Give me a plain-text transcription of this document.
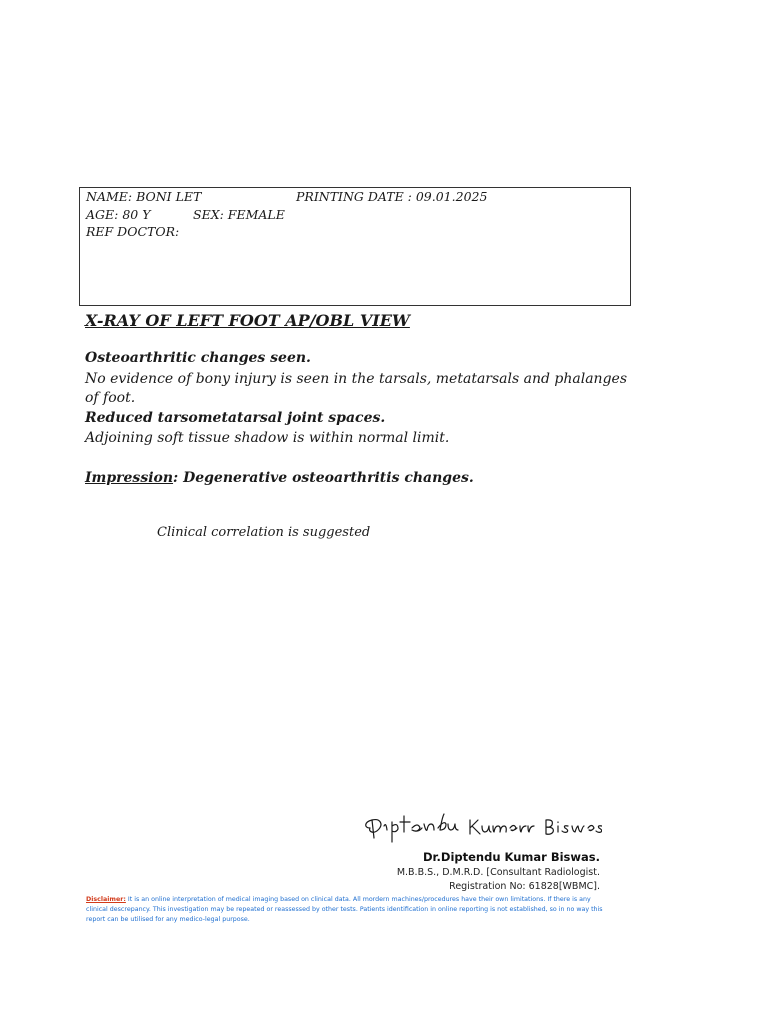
NAME: BONI LET	PRINTING DATE : 09.01.2025
AGE: 80 Y	SEX: FEMALE
REF DOCTOR:
X-RAY OF LEFT FOOT AP/OBL VIEW
Osteoarthritic changes seen.
No evidence of bony injury is seen in the tarsals, metatarsals and phalanges
of foot.
Reduced tarsometatarsal joint spaces.
Adjoining soft tissue shadow is within normal limit.
Impression: Degenerative osteoarthritis changes.
Clinical correlation is suggested
Dr.Diptendu Kumar Biswas.
M.B.B.S., D.M.R.D. [Consultant Radiologist.
Registration No: 61828[WBMC].
Disclaimer: It is an online interpretation of medical imaging based on clinical data. All mordern machines/procedures have their own limitations. If there is any clinical descrepancy. This investigation may be repeated or reassessed by other tests. Patients identification in online reporting is not established, so in no way this report can be utilised for any medico-legal purpose.
